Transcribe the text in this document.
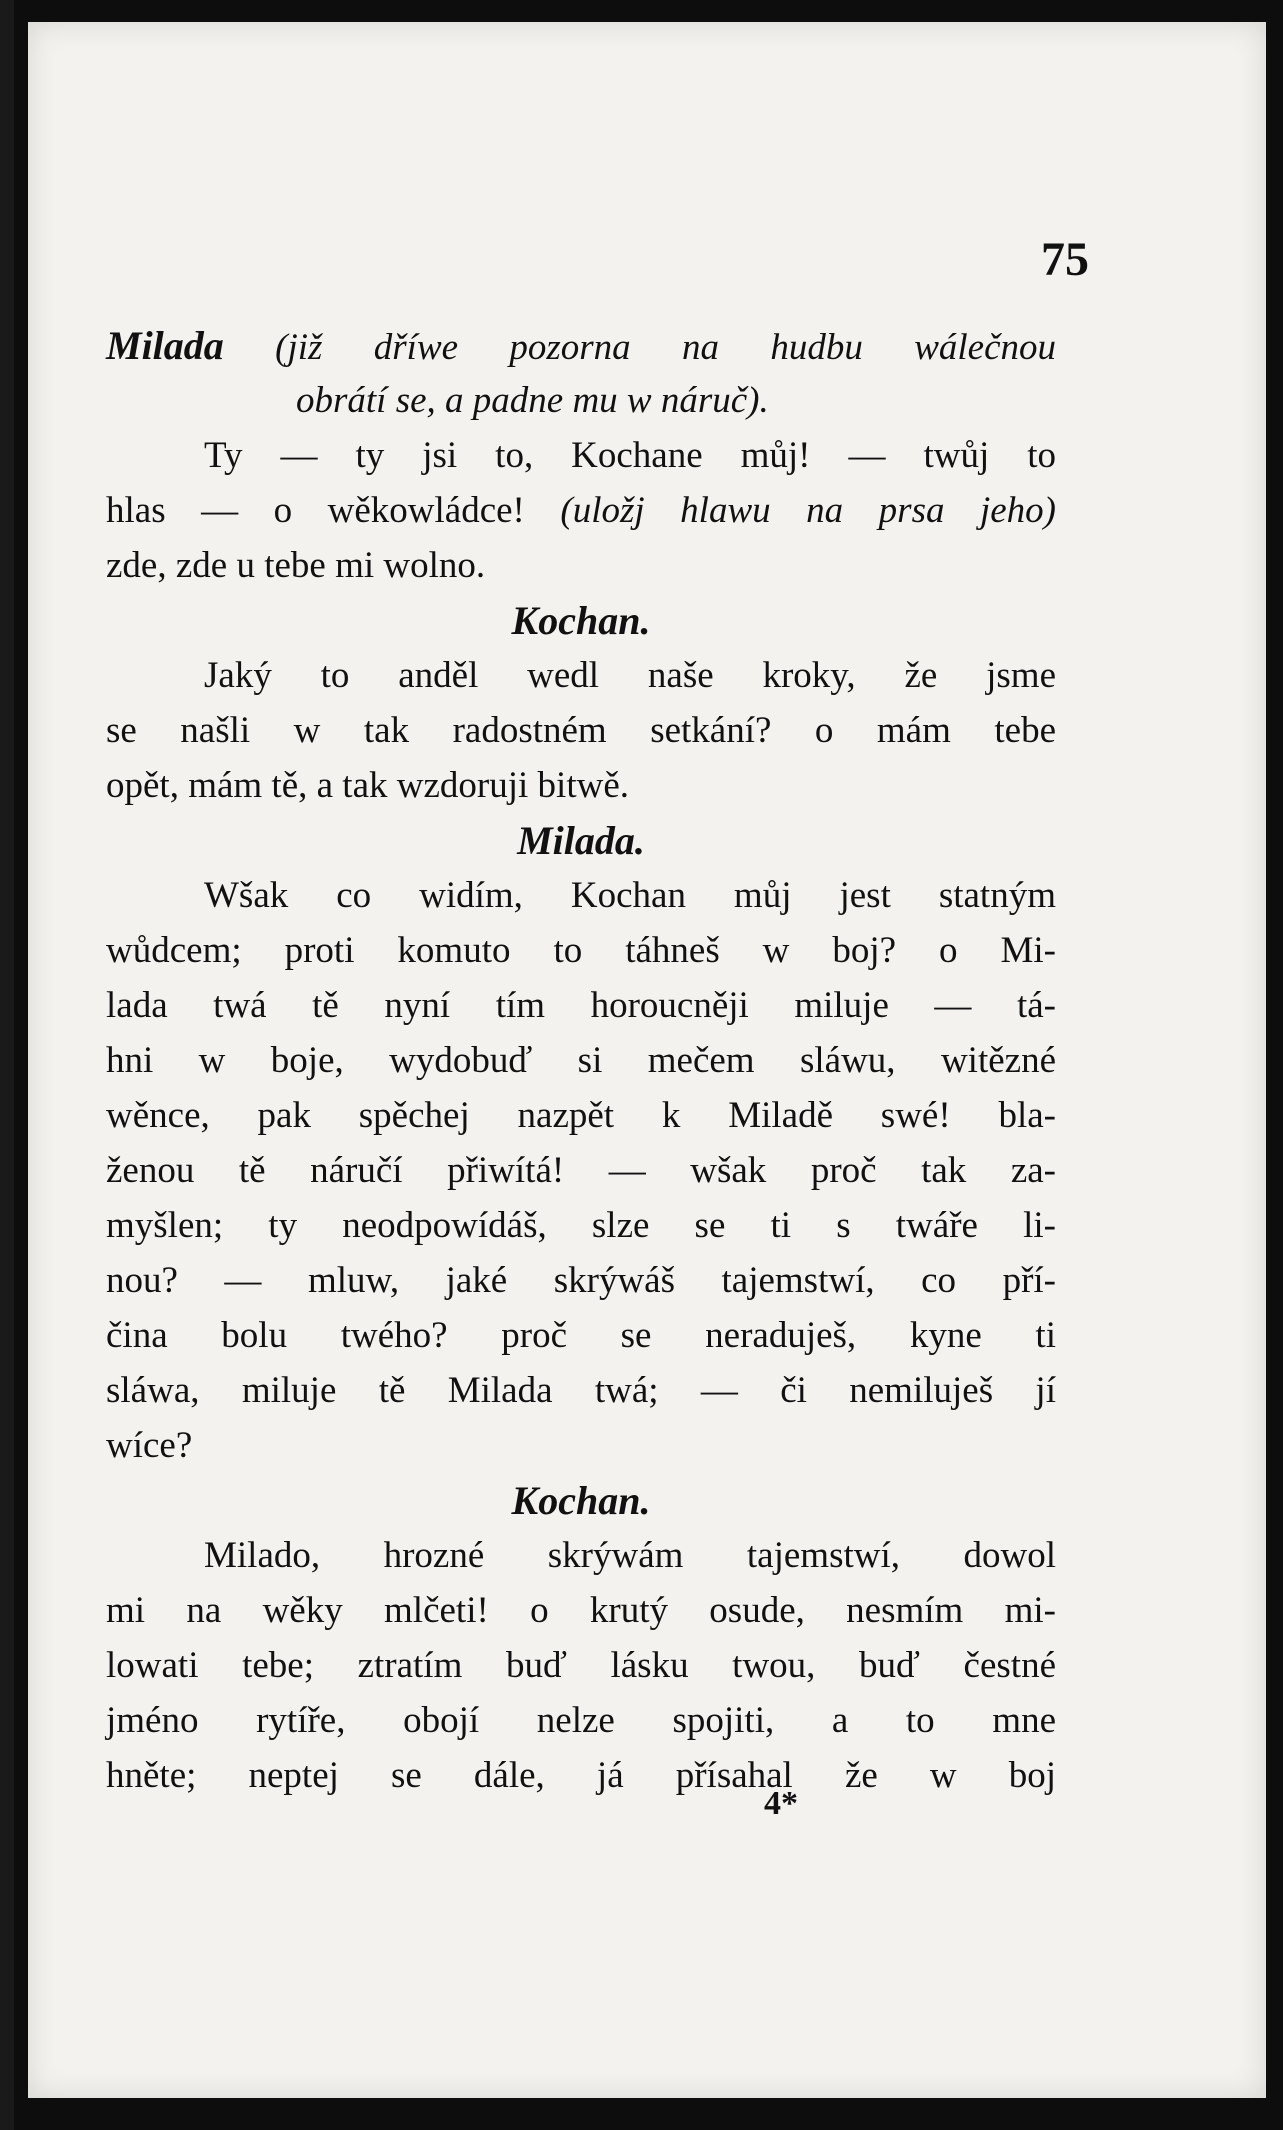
75
Milada (již dříwe pozorna na hudbu wálečnou
obrátí se, a padne mu w náruč).
Ty — ty jsi to, Kochane můj! — twůj to
hlas — o wěkowládce! (uložj hlawu na prsa jeho)
zde, zde u tebe mi wolno.
Kochan.
Jaký to anděl wedl naše kroky, že jsme
se našli w tak radostném setkání? o mám tebe
opět, mám tě, a tak wzdoruji bitwě.
Milada.
Wšak co widím, Kochan můj jest statným
wůdcem; proti komuto to táhneš w boj? o Mi-
lada twá tě nyní tím horoucněji miluje — tá-
hni w boje, wydobuď si mečem sláwu, witězné
wěnce, pak spěchej nazpět k Miladě swé! bla-
ženou tě náručí přiwítá! — wšak proč tak za-
myšlen; ty neodpowídáš, slze se ti s twáře li-
nou? — mluw, jaké skrýwáš tajemstwí, co pří-
čina bolu twého? proč se neraduješ, kyne ti
sláwa, miluje tě Milada twá; — či nemiluješ jí
wíce?
Kochan.
Milado, hrozné skrýwám tajemstwí, dowol
mi na wěky mlčeti! o krutý osude, nesmím mi-
lowati tebe; ztratím buď lásku twou, buď čestné
jméno rytíře, obojí nelze spojiti, a to mne
hněte; neptej se dále, já přísahal že w boj
4*
